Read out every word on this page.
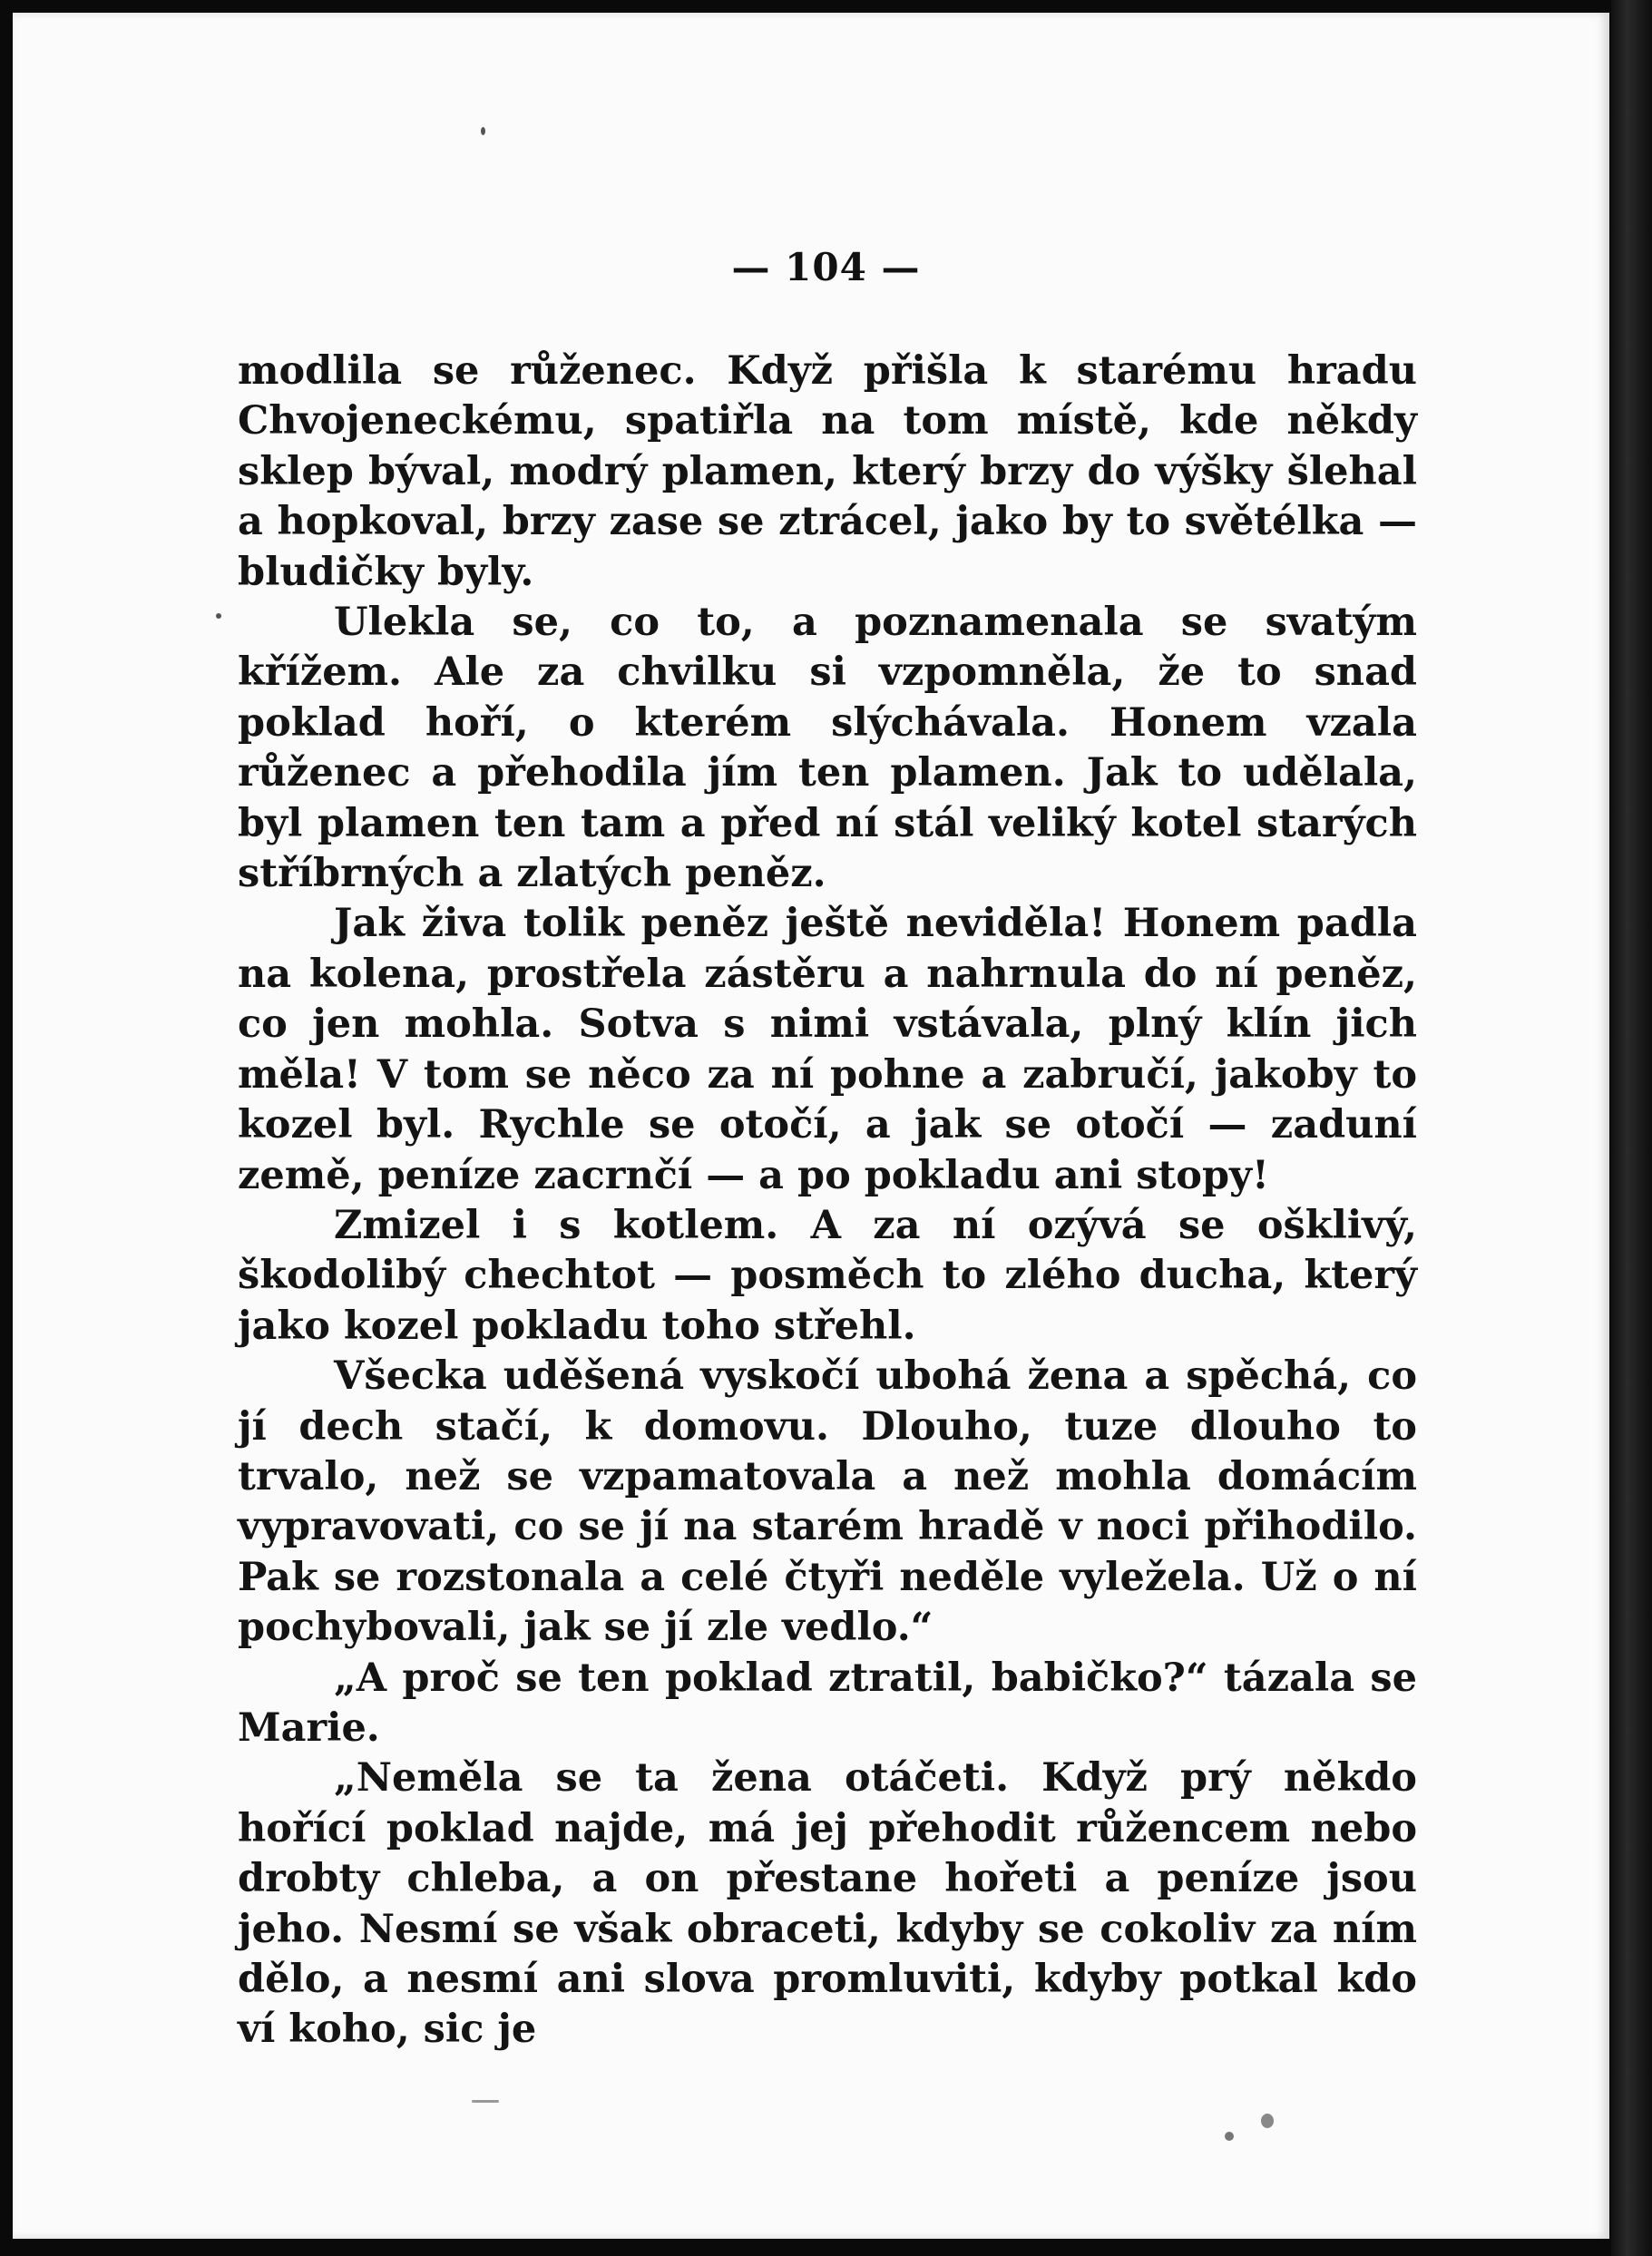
— 104 —

modlila se růženec. Když přišla k starému hradu Chvojeneckému, spatiřla na tom místě, kde někdy sklep býval, modrý plamen, který brzy do výšky šlehal a hopkoval, brzy zase se ztrácel, jako by to světélka — bludičky byly.

Ulekla se, co to, a poznamenala se svatým křížem. Ale za chvilku si vzpomněla, že to snad poklad hoří, o kterém slýchávala. Honem vzala růženec a přehodila jím ten plamen. Jak to udělala, byl plamen ten tam a před ní stál veliký kotel starých stříbrných a zlatých peněz.

Jak živa tolik peněz ještě neviděla! Honem padla na kolena, prostřela zástěru a nahrnula do ní peněz, co jen mohla. Sotva s nimi vstávala, plný klín jich měla! V tom se něco za ní pohne a zabručí, jakoby to kozel byl. Rychle se otočí, a jak se otočí — zaduní země, peníze zacrnčí — a po pokladu ani stopy!

Zmizel i s kotlem. A za ní ozývá se ošklivý, škodolibý chechtot — posměch to zlého ducha, který jako kozel pokladu toho střehl.

Všecka uděšená vyskočí ubohá žena a spěchá, co jí dech stačí, k domovu. Dlouho, tuze dlouho to trvalo, než se vzpamatovala a než mohla domácím vypravovati, co se jí na starém hradě v noci přihodilo. Pak se rozstonala a celé čtyři neděle vyležela. Už o ní pochybovali, jak se jí zle vedlo.“

„A proč se ten poklad ztratil, babičko?“ tázala se Marie.

„Neměla se ta žena otáčeti. Když prý někdo hořící poklad najde, má jej přehodit růžencem nebo drobty chleba, a on přestane hořeti a peníze jsou jeho. Nesmí se však obraceti, kdyby se cokoliv za ním dělo, a nesmí ani slova promluviti, kdyby potkal kdo ví koho, sic je
